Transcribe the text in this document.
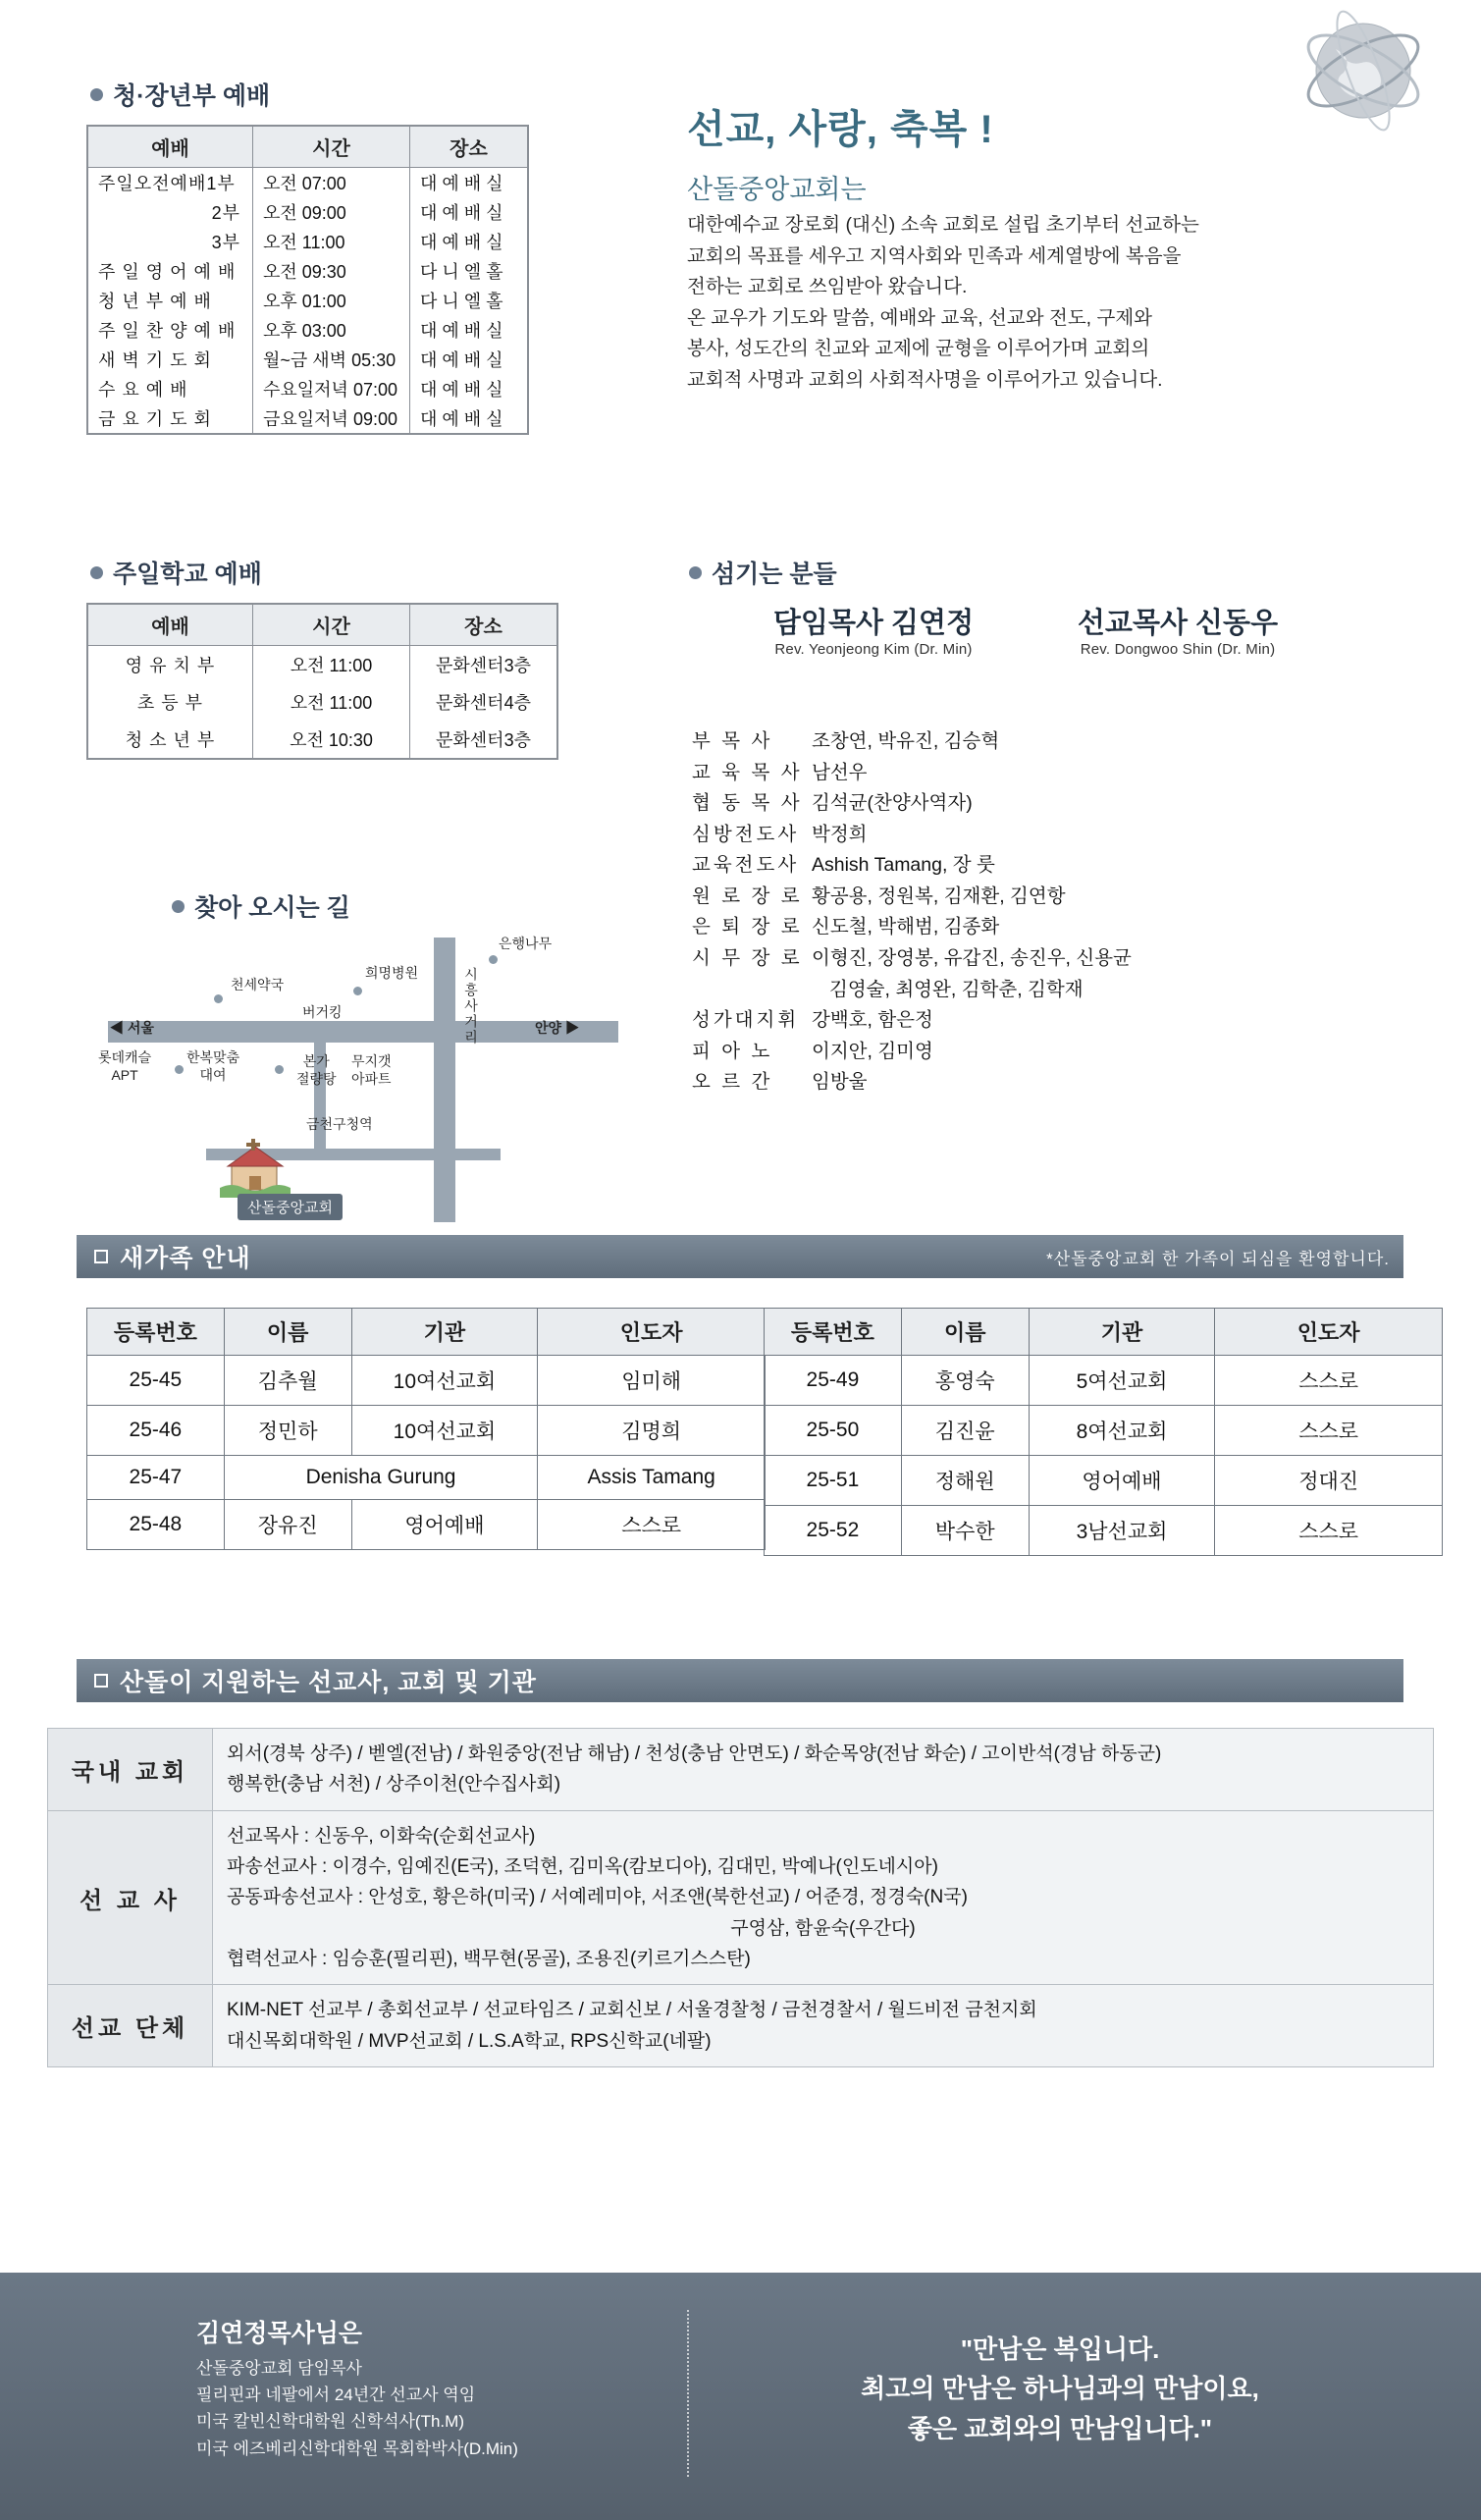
청·장년부 예배
예배	시간	장소
주일오전예배1부	오전 07:00	대 예 배 실
2부	오전 09:00	대 예 배 실
3부	오전 11:00	대 예 배 실
주 일 영 어 예 배	오전 09:30	다 니 엘 홀
청 년 부 예 배	오후 01:00	다 니 엘 홀
주 일 찬 양 예 배	오후 03:00	대 예 배 실
새 벽 기 도 회	월~금 새벽 05:30	대 예 배 실
수 요 예 배	수요일저녁 07:00	대 예 배 실
금 요 기 도 회	금요일저녁 09:00	대 예 배 실
주일학교 예배
예배	시간	장소
영 유 치 부	오전 11:00	문화센터3층
초 등 부	오전 11:00	문화센터4층
청 소 년 부	오전 10:30	문화센터3층
선교, 사랑, 축복 !
산돌중앙교회는
대한예수교 장로회 (대신) 소속 교회로 설립 초기부터 선교하는
교회의 목표를 세우고 지역사회와 민족과 세계열방에 복음을
전하는 교회로 쓰임받아 왔습니다.
온 교우가 기도와 말씀, 예배와 교육, 선교와 전도, 구제와
봉사, 성도간의 친교와 교제에 균형을 이루어가며 교회의
교회적 사명과 교회의 사회적사명을 이루어가고 있습니다.
섬기는 분들
담임목사 김연정
Rev. Yeonjeong Kim (Dr. Min)
선교목사 신동우
Rev. Dongwoo Shin (Dr. Min)
부 목 사	조창연, 박유진, 김승혁
교 육 목 사 남선우
협 동 목 사 김석균(찬양사역자)
심방전도사 박정희
교육전도사 Ashish Tamang, 장 룻
원 로 장 로 황공용, 정원복, 김재환, 김연항
은 퇴 장 로 신도철, 박해범, 김종화
시 무 장 로 이형진, 장영봉, 유갑진, 송진우, 신용균
김영술, 최영완, 김학춘, 김학재
성가대지휘 강백호, 함은정
피 아 노	이지안, 김미영
오 르 간	임방울
찾아 오시는 길
은행나무
희명병원
천세약국	시흥사거리	안양 ▶
◀ 서울
버거킹
롯데캐슬
APT
한복맞춤
대여
본가
절량탕
무지갯
아파트
금천구청역
산돌중앙교회
새가족 안내	*산돌중앙교회 한 가족이 되심을 환영합니다.
등록번호	이름	기관	인도자
25-45	김추월	10여선교회	임미해
25-46	정민하	10여선교회	김명희
25-47	Denisha Gurung		Assis Tamang
25-48	장유진	영어예배	스스로
등록번호	이름	기관	인도자
25-49	홍영숙	5여선교회	스스로
25-50	김진윤	8여선교회	스스로
25-51	정해원	영어예배	정대진
25-52	박수한	3남선교회	스스로
산돌이 지원하는 선교사, 교회 및 기관
국내 교회	외서(경북 상주) / 벧엘(전남) / 화원중앙(전남 해남) / 천성(충남 안면도) / 화순목양(전남 화순) / 고이반석(경남 하동군)
행복한(충남 서천) / 상주이천(안수집사회)

선 교 사	선교목사 : 신동우, 이화숙(순회선교사)
파송선교사 : 이경수, 임예진(E국), 조덕현, 김미옥(캄보디아), 김대민, 박예나(인도네시아)
공동파송선교사 : 안성호, 황은하(미국) / 서예레미야, 서조앤(북한선교) / 어준경, 정경숙(N국)
구영삼, 함윤숙(우간다)
협력선교사 : 임승훈(필리핀), 백무현(몽골), 조용진(키르기스스탄)

선교 단체	KIM-NET 선교부 / 총회선교부 / 선교타임즈 / 교회신보 / 서울경찰청 / 금천경찰서 / 월드비전 금천지회
대신목회대학원 / MVP선교회 / L.S.A학교, RPS신학교(네팔)
김연정목사님은
산돌중앙교회 담임목사
필리핀과 네팔에서 24년간 선교사 역임
미국 칼빈신학대학원 신학석사(Th.M)
미국 에즈베리신학대학원 목회학박사(D.Min)
"만남은 복입니다.
최고의 만남은 하나님과의 만남이요,
좋은 교회와의 만남입니다."
